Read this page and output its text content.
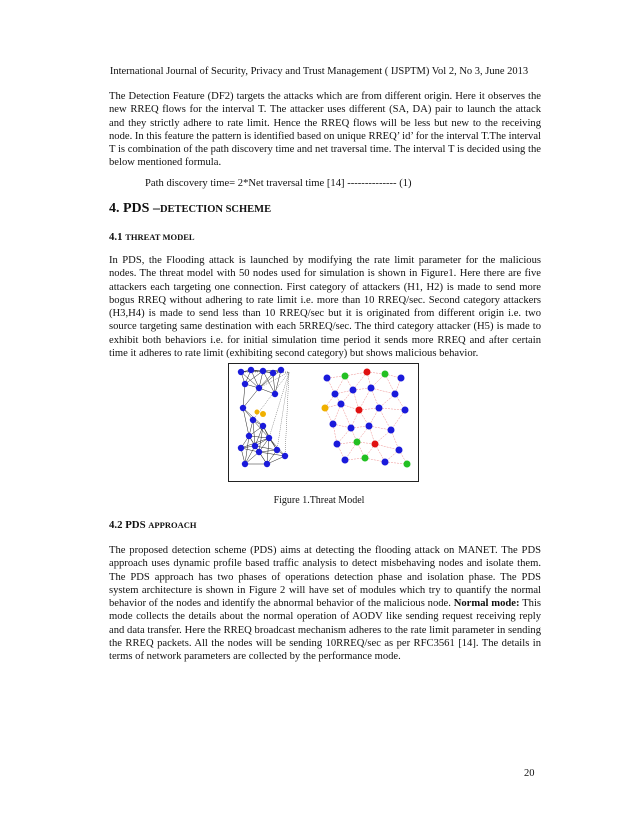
International Journal of Security, Privacy and Trust Management ( IJSPTM) Vol 2, No 3, June 2013
The Detection Feature (DF2) targets the attacks which are from different origin. Here it observes the new RREQ flows for the interval T. The attacker uses different (SA, DA) pair to launch the attack and they strictly adhere to rate limit. Hence the RREQ flows will be less but new to the receiving node. In this feature the pattern is identified based on unique RREQ’ id’ for the interval T.The interval T is combination of the path discovery time and net traversal time. The interval T is decided using the below mentioned formula.
Path discovery time= 2*Net traversal time [14] -------------- (1)
4. PDS –DETECTION SCHEME
4.1 THREAT MODEL
In PDS, the Flooding attack is launched by modifying the rate limit parameter for the malicious nodes. The threat model with 50 nodes used for simulation is shown in Figure1. Here there are five attackers each targeting one connection. First category of attackers (H1, H2) is made to send more bogus RREQ without adhering to rate limit i.e. more than 10 RREQ/sec. Second category attackers (H3,H4) is made to send less than 10 RREQ/sec but it is originated from different origin i.e. two source targeting same destination with each 5RREQ/sec. The third category attacker (H5) is made to exhibit both behaviors i.e. for initial simulation time period it sends more RREQ and after certain time it adheres to rate limit (exhibiting second category) but shows malicious behavior.
Figure 1.Threat Model
4.2 PDS APPROACH
The proposed detection scheme (PDS) aims at detecting the flooding attack on MANET. The PDS approach uses dynamic profile based traffic analysis to detect misbehaving nodes and isolate them. The PDS approach has two phases of operations detection phase and isolation phase. The PDS system architecture is shown in Figure 2 will have set of modules which try to quantify the normal behavior of the nodes and identify the abnormal behavior of the malicious node. Normal mode: This mode collects the details about the normal operation of AODV like sending request receiving reply and data transfer. Here the RREQ broadcast mechanism adheres to the rate limit parameter in sending the RREQ packets. All the nodes will be sending 10RREQ/sec as per RFC3561 [14]. The details in terms of network parameters are collected by the performance mode.
20
